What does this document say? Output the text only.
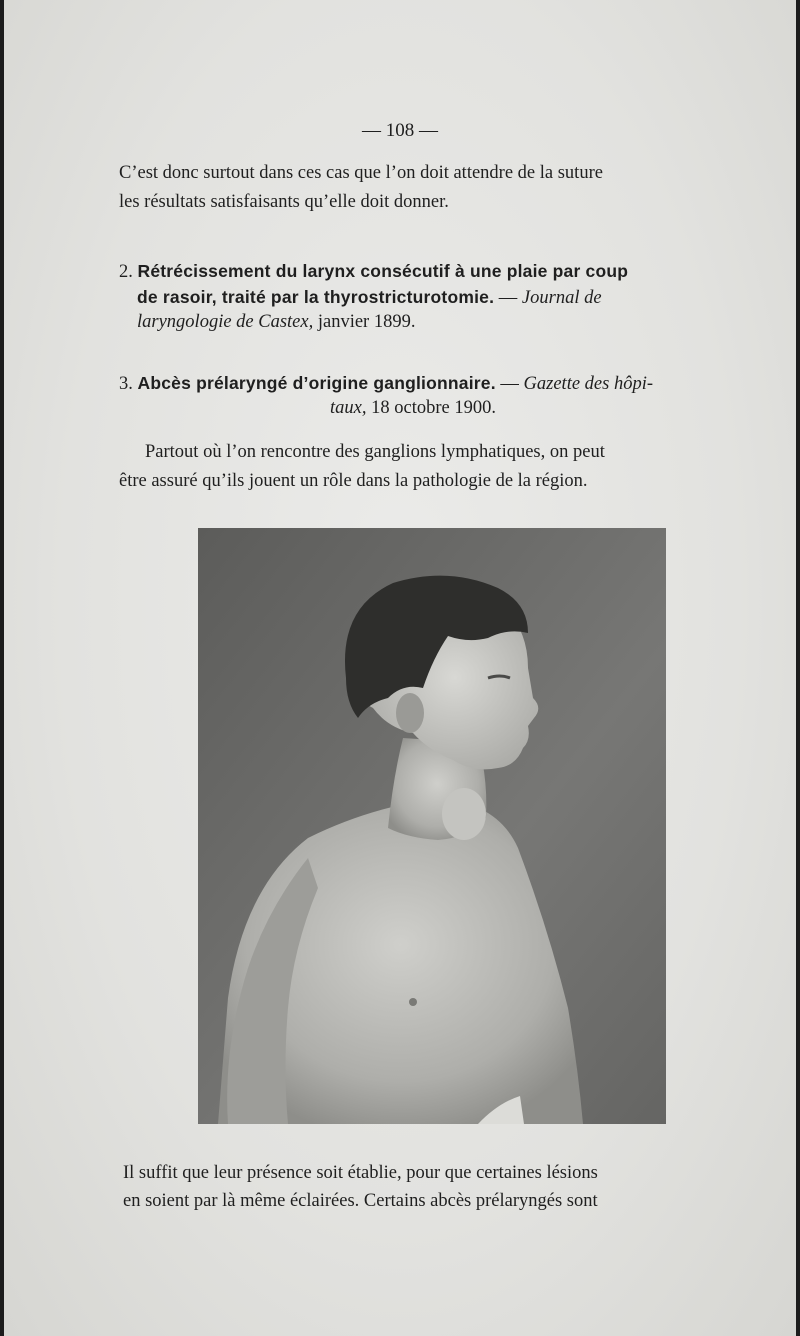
— 108 —
C’est donc surtout dans ces cas que l’on doit attendre de la suture
les résultats satisfaisants qu’elle doit donner.
2. Rétrécissement du larynx consécutif à une plaie par coup
de rasoir, traité par la thyrostricturotomie. — Journal de
laryngologie de Castex, janvier 1899.
3. Abcès prélaryngé d’origine ganglionnaire. — Gazette des hôpi-
taux, 18 octobre 1900.
Partout où l’on rencontre des ganglions lymphatiques, on peut
être assuré qu’ils jouent un rôle dans la pathologie de la région.
Il suffit que leur présence soit établie, pour que certaines lésions
en soient par là même éclairées. Certains abcès prélaryngés sont
